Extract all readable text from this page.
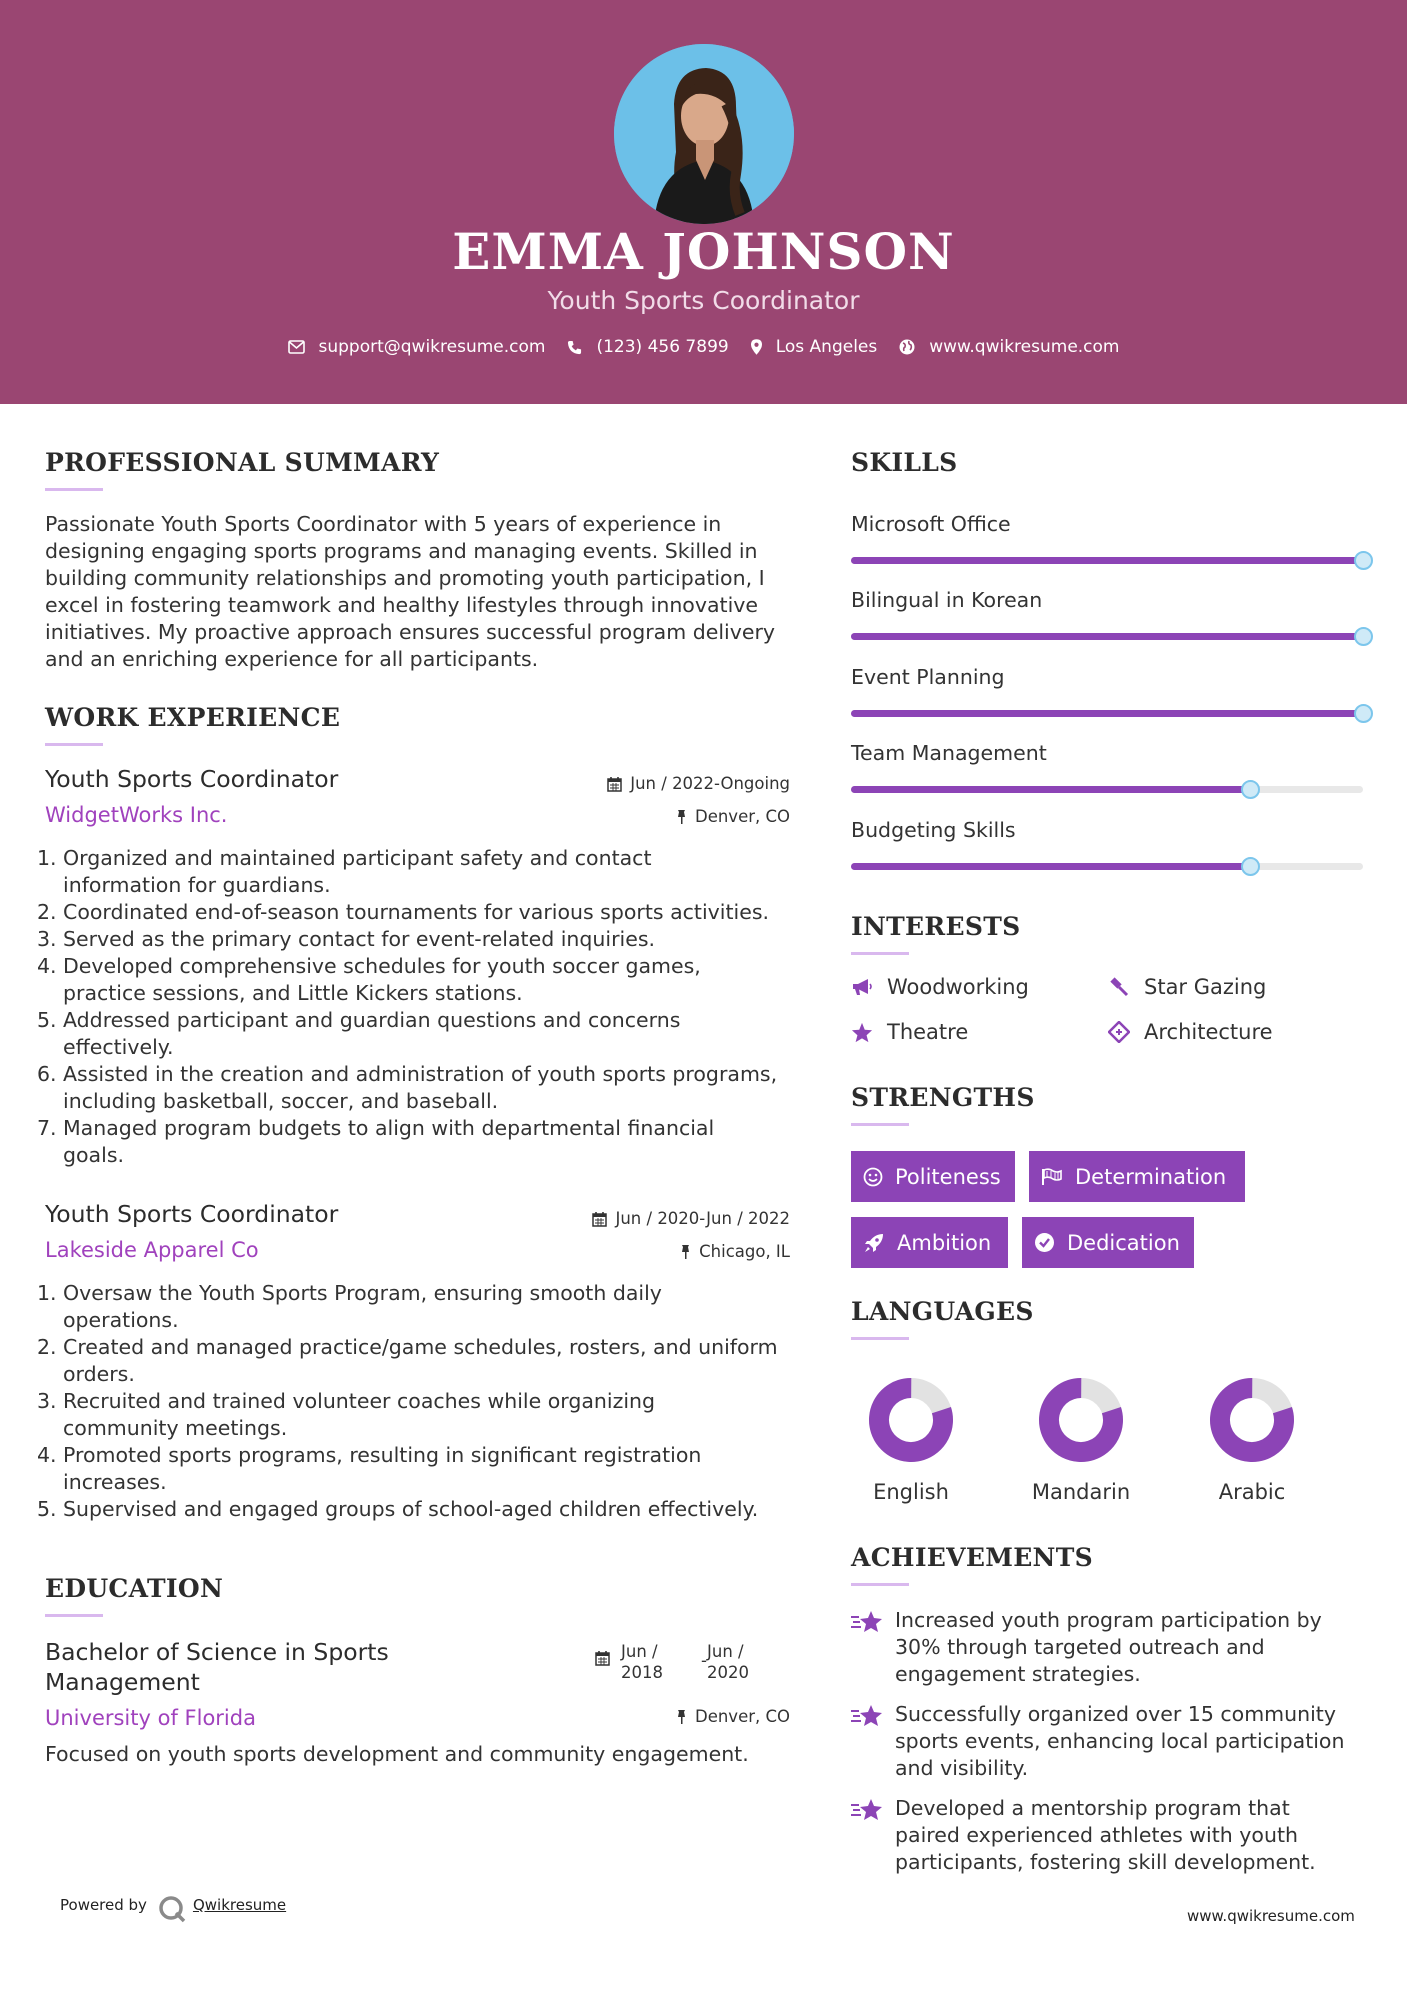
EMMA JOHNSON
Youth Sports Coordinator
support@qwikresume.com	(123) 456 7899	Los Angeles	www.qwikresume.com
PROFESSIONAL SUMMARY
Passionate Youth Sports Coordinator with 5 years of experience in
designing engaging sports programs and managing events. Skilled in
building community relationships and promoting youth participation, I
excel in fostering teamwork and healthy lifestyles through innovative
initiatives. My proactive approach ensures successful program delivery
and an enriching experience for all participants.
WORK EXPERIENCE
Youth Sports Coordinator	Jun / 2022-Ongoing
WidgetWorks Inc.	Denver, CO
1. Organized and maintained participant safety and contact
information for guardians.
2. Coordinated end-of-season tournaments for various sports activities.
3. Served as the primary contact for event-related inquiries.
4. Developed comprehensive schedules for youth soccer games,
practice sessions, and Little Kickers stations.
5. Addressed participant and guardian questions and concerns
effectively.
6. Assisted in the creation and administration of youth sports programs,
including basketball, soccer, and baseball.
7. Managed program budgets to align with departmental financial
goals.
Youth Sports Coordinator	Jun / 2020-Jun / 2022
Lakeside Apparel Co	Chicago, IL
1. Oversaw the Youth Sports Program, ensuring smooth daily
operations.
2. Created and managed practice/game schedules, rosters, and uniform
orders.
3. Recruited and trained volunteer coaches while organizing
community meetings.
4. Promoted sports programs, resulting in significant registration
increases.
5. Supervised and engaged groups of school-aged children effectively.
EDUCATION
Bachelor of Science in Sports
Management
Jun /
2018
- Jun /
2020
University of Florida	Denver, CO
Focused on youth sports development and community engagement.
SKILLS
Microsoft Office
Bilingual in Korean
Event Planning
Team Management
Budgeting Skills
INTERESTS
Woodworking	Star Gazing
Theatre	Architecture
STRENGTHS
Politeness	Determination
Ambition	Dedication
LANGUAGES
English	Mandarin	Arabic
ACHIEVEMENTS
Increased youth program participation by
30% through targeted outreach and
engagement strategies.
Successfully organized over 15 community
sports events, enhancing local participation
and visibility.
Developed a mentorship program that
paired experienced athletes with youth
participants, fostering skill development.
Powered by	Qwikresume
www.qwikresume.com
